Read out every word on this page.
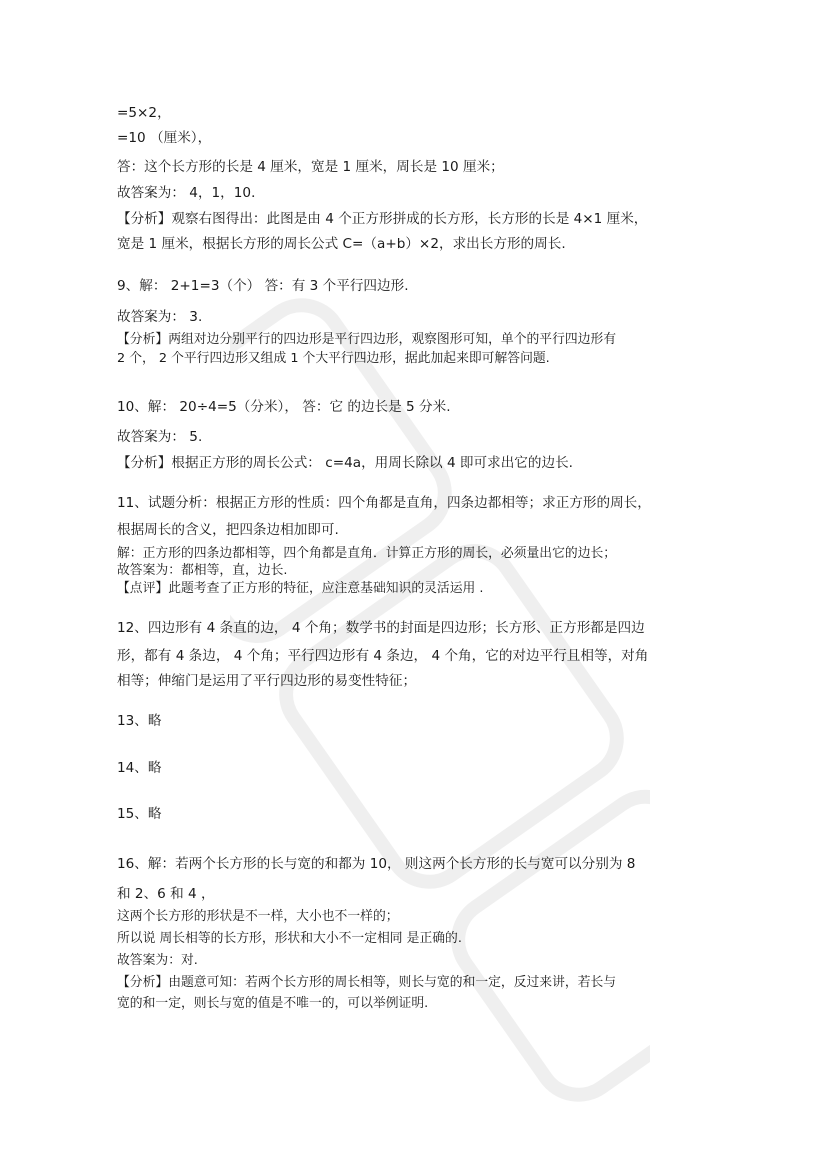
=5×2，
=10 （厘米），
答：这个长方形的长是 4 厘米，宽是 1 厘米，周长是 10 厘米；
故答案为： 4，1，10．
【分析】观察右图得出：此图是由 4 个正方形拼成的长方形，长方形的长是 4×1 厘米，
宽是 1 厘米，根据长方形的周长公式 C=（a+b）×2，求出长方形的周长.
9、解： 2+1=3（个） 答：有 3 个平行四边形.
故答案为： 3.
【分析】两组对边分别平行的四边形是平行四边形，观察图形可知，单个的平行四边形有
2 个， 2 个平行四边形又组成 1 个大平行四边形，据此加起来即可解答问题.
10、解： 20÷4=5（分米）， 答：它 的边长是 5 分米.
故答案为： 5.
【分析】根据正方形的周长公式： c=4a，用周长除以 4 即可求出它的边长.
11、试题分析：根据正方形的性质：四个角都是直角，四条边都相等；求正方形的周长，
根据周长的含义，把四条边相加即可.
解：正方形的四条边都相等，四个角都是直角．计算正方形的周长，必须量出它的边长；
故答案为：都相等，直，边长.
【点评】此题考查了正方形的特征，应注意基础知识的灵活运用 .
12、四边形有 4 条直的边， 4 个角；数学书的封面是四边形；长方形、正方形都是四边
形，都有 4 条边， 4 个角；平行四边形有 4 条边， 4 个角，它的对边平行且相等，对角
相等；伸缩门是运用了平行四边形的易变性特征；
13、略
14、略
15、略
16、解：若两个长方形的长与宽的和都为 10， 则这两个长方形的长与宽可以分别为 8
和 2、6 和 4 ，
这两个长方形的形状是不一样，大小也不一样的；
所以说 周长相等的长方形，形状和大小不一定相同 是正确的.
故答案为：对.
【分析】由题意可知：若两个长方形的周长相等，则长与宽的和一定，反过来讲，若长与
宽的和一定，则长与宽的值是不唯一的，可以举例证明.
